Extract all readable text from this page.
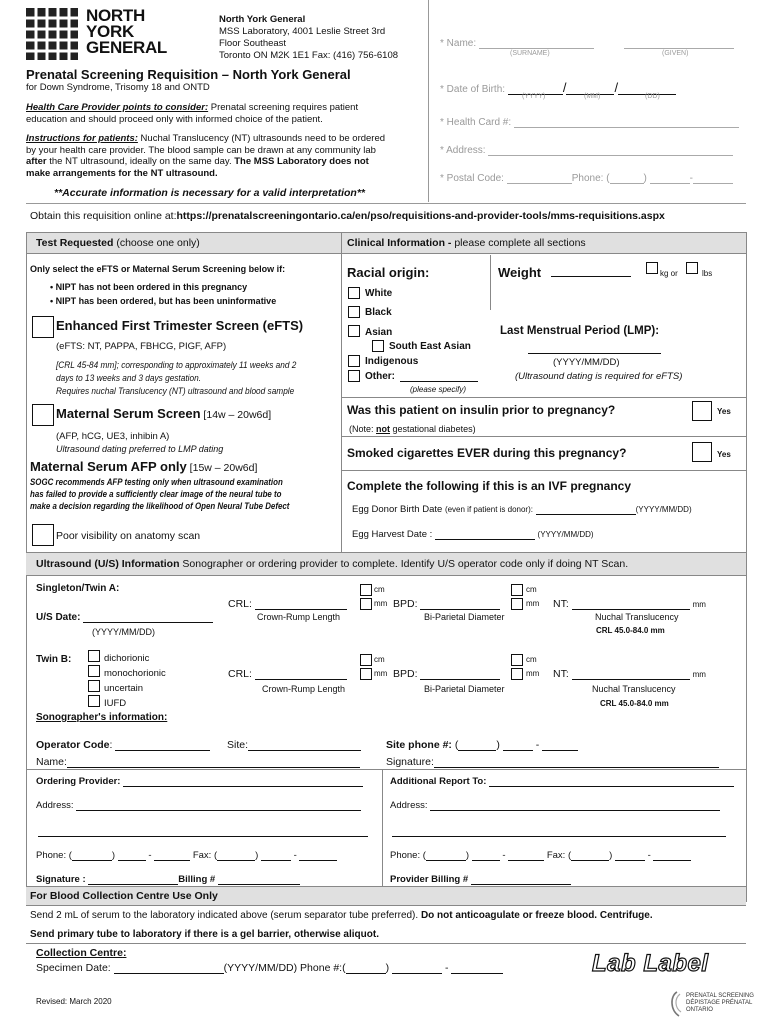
NORTH
YORK
GENERAL
North York General
MSS Laboratory, 4001 Leslie Street 3rd
Floor Southeast
Toronto ON M2K 1E1 Fax: (416) 756-6108
Prenatal Screening Requisition – North York General
for Down Syndrome, Trisomy 18 and ONTD
Health Care Provider points to consider: Prenatal screening requires patient
education and should proceed only with informed choice of the patient.
Instructions for patients: Nuchal Translucency (NT) ultrasounds need to be ordered
by your health care provider. The blood sample can be drawn at any community lab
after the NT ultrasound, ideally on the same day. The MSS Laboratory does not
make arrangements for the NT ultrasound.
**Accurate information is necessary for a valid interpretation**
* Name:
(SURNAME)	(GIVEN)
* Date of Birth:	/	/
(YYYY)	(MM)	(DD)
* Health Card #:
* Address:
* Postal Code:	Phone: (	)	-
Obtain this requisition online at:https://prenatalscreeningontario.ca/en/pso/requisitions-and-provider-tools/mms-requisitions.aspx
Test Requested (choose one only)	Clinical Information - please complete all sections
Only select the eFTS or Maternal Serum Screening below if:
• NIPT has not been ordered in this pregnancy
• NIPT has been ordered, but has been uninformative
Enhanced First Trimester Screen (eFTS)
(eFTS: NT, PAPPA, FBHCG, PIGF, AFP)
[CRL 45-84 mm]; corresponding to approximately 11 weeks and 2
days to 13 weeks and 3 days gestation.
Requires nuchal Translucency (NT) ultrasound and blood sample
Maternal Serum Screen [14w – 20w6d]
(AFP, hCG, UE3, inhibin A)
Ultrasound dating preferred to LMP dating
Maternal Serum AFP only [15w – 20w6d]
SOGC recommends AFP testing only when ultrasound examination
has failed to provide a sufficiently clear image of the neural tube to
make a decision regarding the likelihood of Open Neural Tube Defect
Poor visibility on anatomy scan
Racial origin:
White
Black
Asian
South East Asian
Indigenous
Other:
(please specify)
Weight	kg or	lbs
Last Menstrual Period (LMP):
(YYYY/MM/DD)
(Ultrasound dating is required for eFTS)
Was this patient on insulin prior to pregnancy?	Yes
(Note: not gestational diabetes)
Smoked cigarettes EVER during this pregnancy?	Yes
Complete the following if this is an IVF pregnancy
Egg Donor Birth Date (even if patient is donor):	(YYYY/MM/DD)
Egg Harvest Date :	(YYYY/MM/DD)
Ultrasound (U/S) Information Sonographer or ordering provider to complete. Identify U/S operator code only if doing NT Scan.
Singleton/Twin A:
CRL:
cm
mm BPD:
cm
mm NT:	mm
Crown-Rump Length	Bi-Parietal Diameter	Nuchal Translucency
CRL 45.0-84.0 mm
U/S Date:
(YYYY/MM/DD)
Twin B:	dichorionic
monochorionic
uncertain
IUFD
CRL:
cm
mm BPD:
cm
mm NT:	mm
Crown-Rump Length	Bi-Parietal Diameter	Nuchal Translucency
CRL 45.0-84.0 mm
Sonographer's information:
Operator Code:	Site:	Site phone #: (	)	-
Name:	Signature:
Ordering Provider:
Address:
Phone: (	)	-	Fax: (	)	-
Signature :	Billing #
Additional Report To:
Address:
Phone: (	)	-	Fax: (	)	-
Provider Billing #
For Blood Collection Centre Use Only
Send 2 mL of serum to the laboratory indicated above (serum separator tube preferred). Do not anticoagulate or freeze blood. Centrifuge.
Send primary tube to laboratory if there is a gel barrier, otherwise aliquot.
Collection Centre:
Specimen Date:	(YYYY/MM/DD) Phone #:(	)	-	Lab Label
Revised: March 2020
PRENATAL SCREENING
DÉPISTAGE PRÉNATAL
ONTARIO
